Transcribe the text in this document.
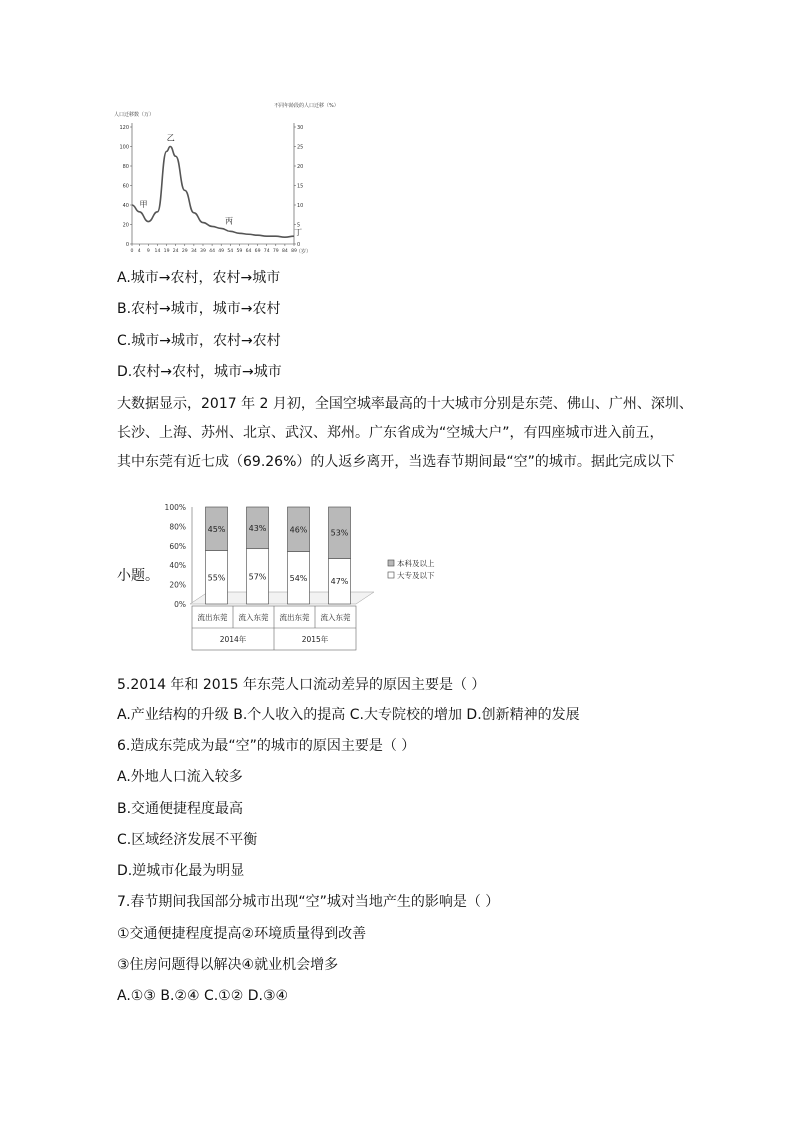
0
20
40
60
80
100
120
0
5
10
15
20
25
30
0 4 9 14 19 24 29 34 39 44 49 54 59 64 69 74 79 84 89
甲
乙
丙
丁
人口迁移数（万）
不同年龄段的人口迁移（%）
（岁）
A.城市→农村，农村→城市
B.农村→城市，城市→农村
C.城市→城市，农村→农村
D.农村→农村，城市→城市
大数据显示，2017 年 2 月初，全国空城率最高的十大城市分别是东莞、佛山、广州、深圳、
长沙、上海、苏州、北京、武汉、郑州。广东省成为“空城大户”，有四座城市进入前五，
其中东莞有近七成（69.26%）的人返乡离开，当选春节期间最“空”的城市。据此完成以下
小题。
0%
20%
40%
60%
80%
100%
流出东莞 流入东莞 流出东莞 流入东莞
2014年	2015年
55%
45%
57%
43%
54%
46%
47%
53%
本科及以上
大专及以下
5.2014 年和 2015 年东莞人口流动差异的原因主要是（ ）
A.产业结构的升级 B.个人收入的提高 C.大专院校的增加 D.创新精神的发展
6.造成东莞成为最“空”的城市的原因主要是（ ）
A.外地人口流入较多
B.交通便捷程度最高
C.区域经济发展不平衡
D.逆城市化最为明显
7.春节期间我国部分城市出现“空”城对当地产生的影响是（ ）
①交通便捷程度提高②环境质量得到改善
③住房问题得以解决④就业机会增多
A.①③ B.②④ C.①② D.③④
